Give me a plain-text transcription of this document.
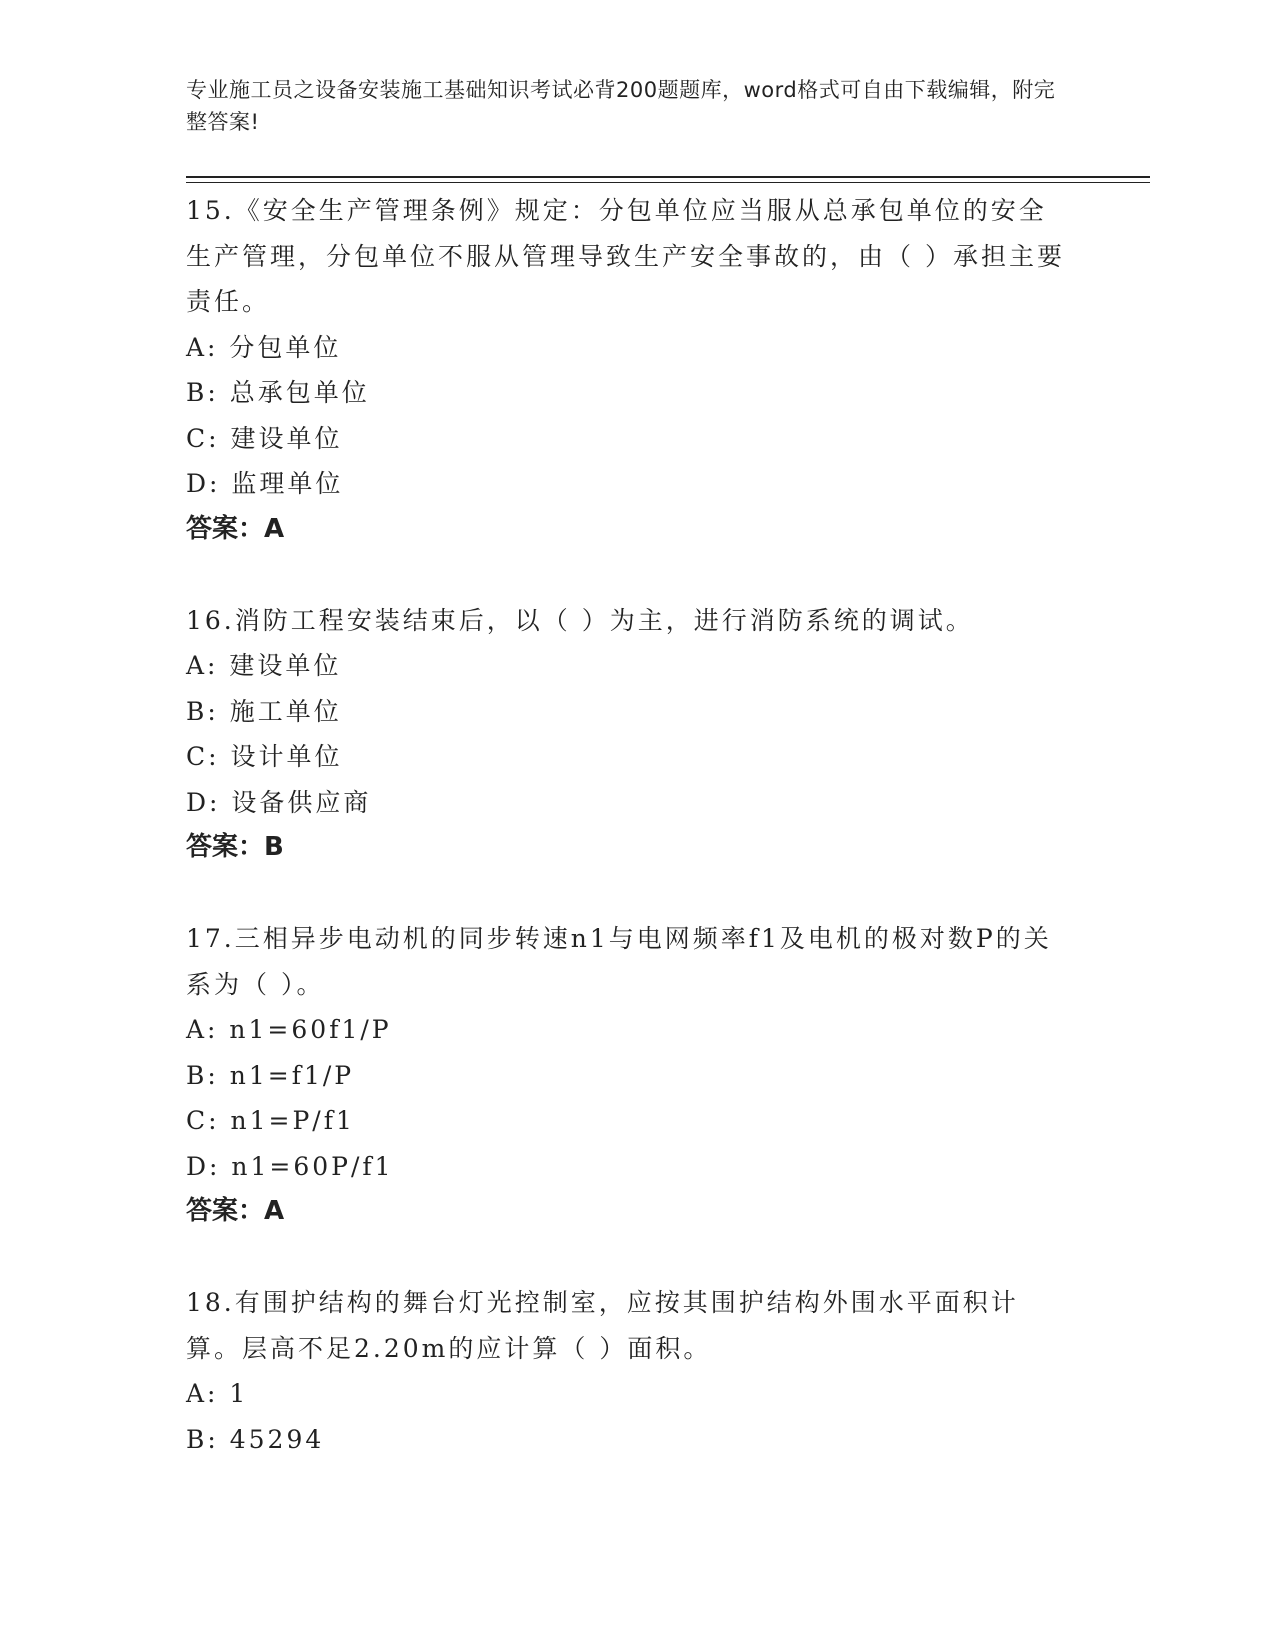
专业施工员之设备安装施工基础知识考试必背200题题库，word格式可自由下载编辑，附完整答案!
15.《安全生产管理条例》规定：分包单位应当服从总承包单位的安全生产管理，分包单位不服从管理导致生产安全事故的，由（ ）承担主要责任。
A: 分包单位
B: 总承包单位
C: 建设单位
D: 监理单位
答案：A
16.消防工程安装结束后，以（ ）为主，进行消防系统的调试。
A: 建设单位
B: 施工单位
C: 设计单位
D: 设备供应商
答案：B
17.三相异步电动机的同步转速n1与电网频率f1及电机的极对数P的关系为（ ）。
A: n1=60f1/P
B: n1=f1/P
C: n1=P/f1
D: n1=60P/f1
答案：A
18.有围护结构的舞台灯光控制室，应按其围护结构外围水平面积计算。层高不足2.20m的应计算（ ）面积。
A: 1
B: 45294
